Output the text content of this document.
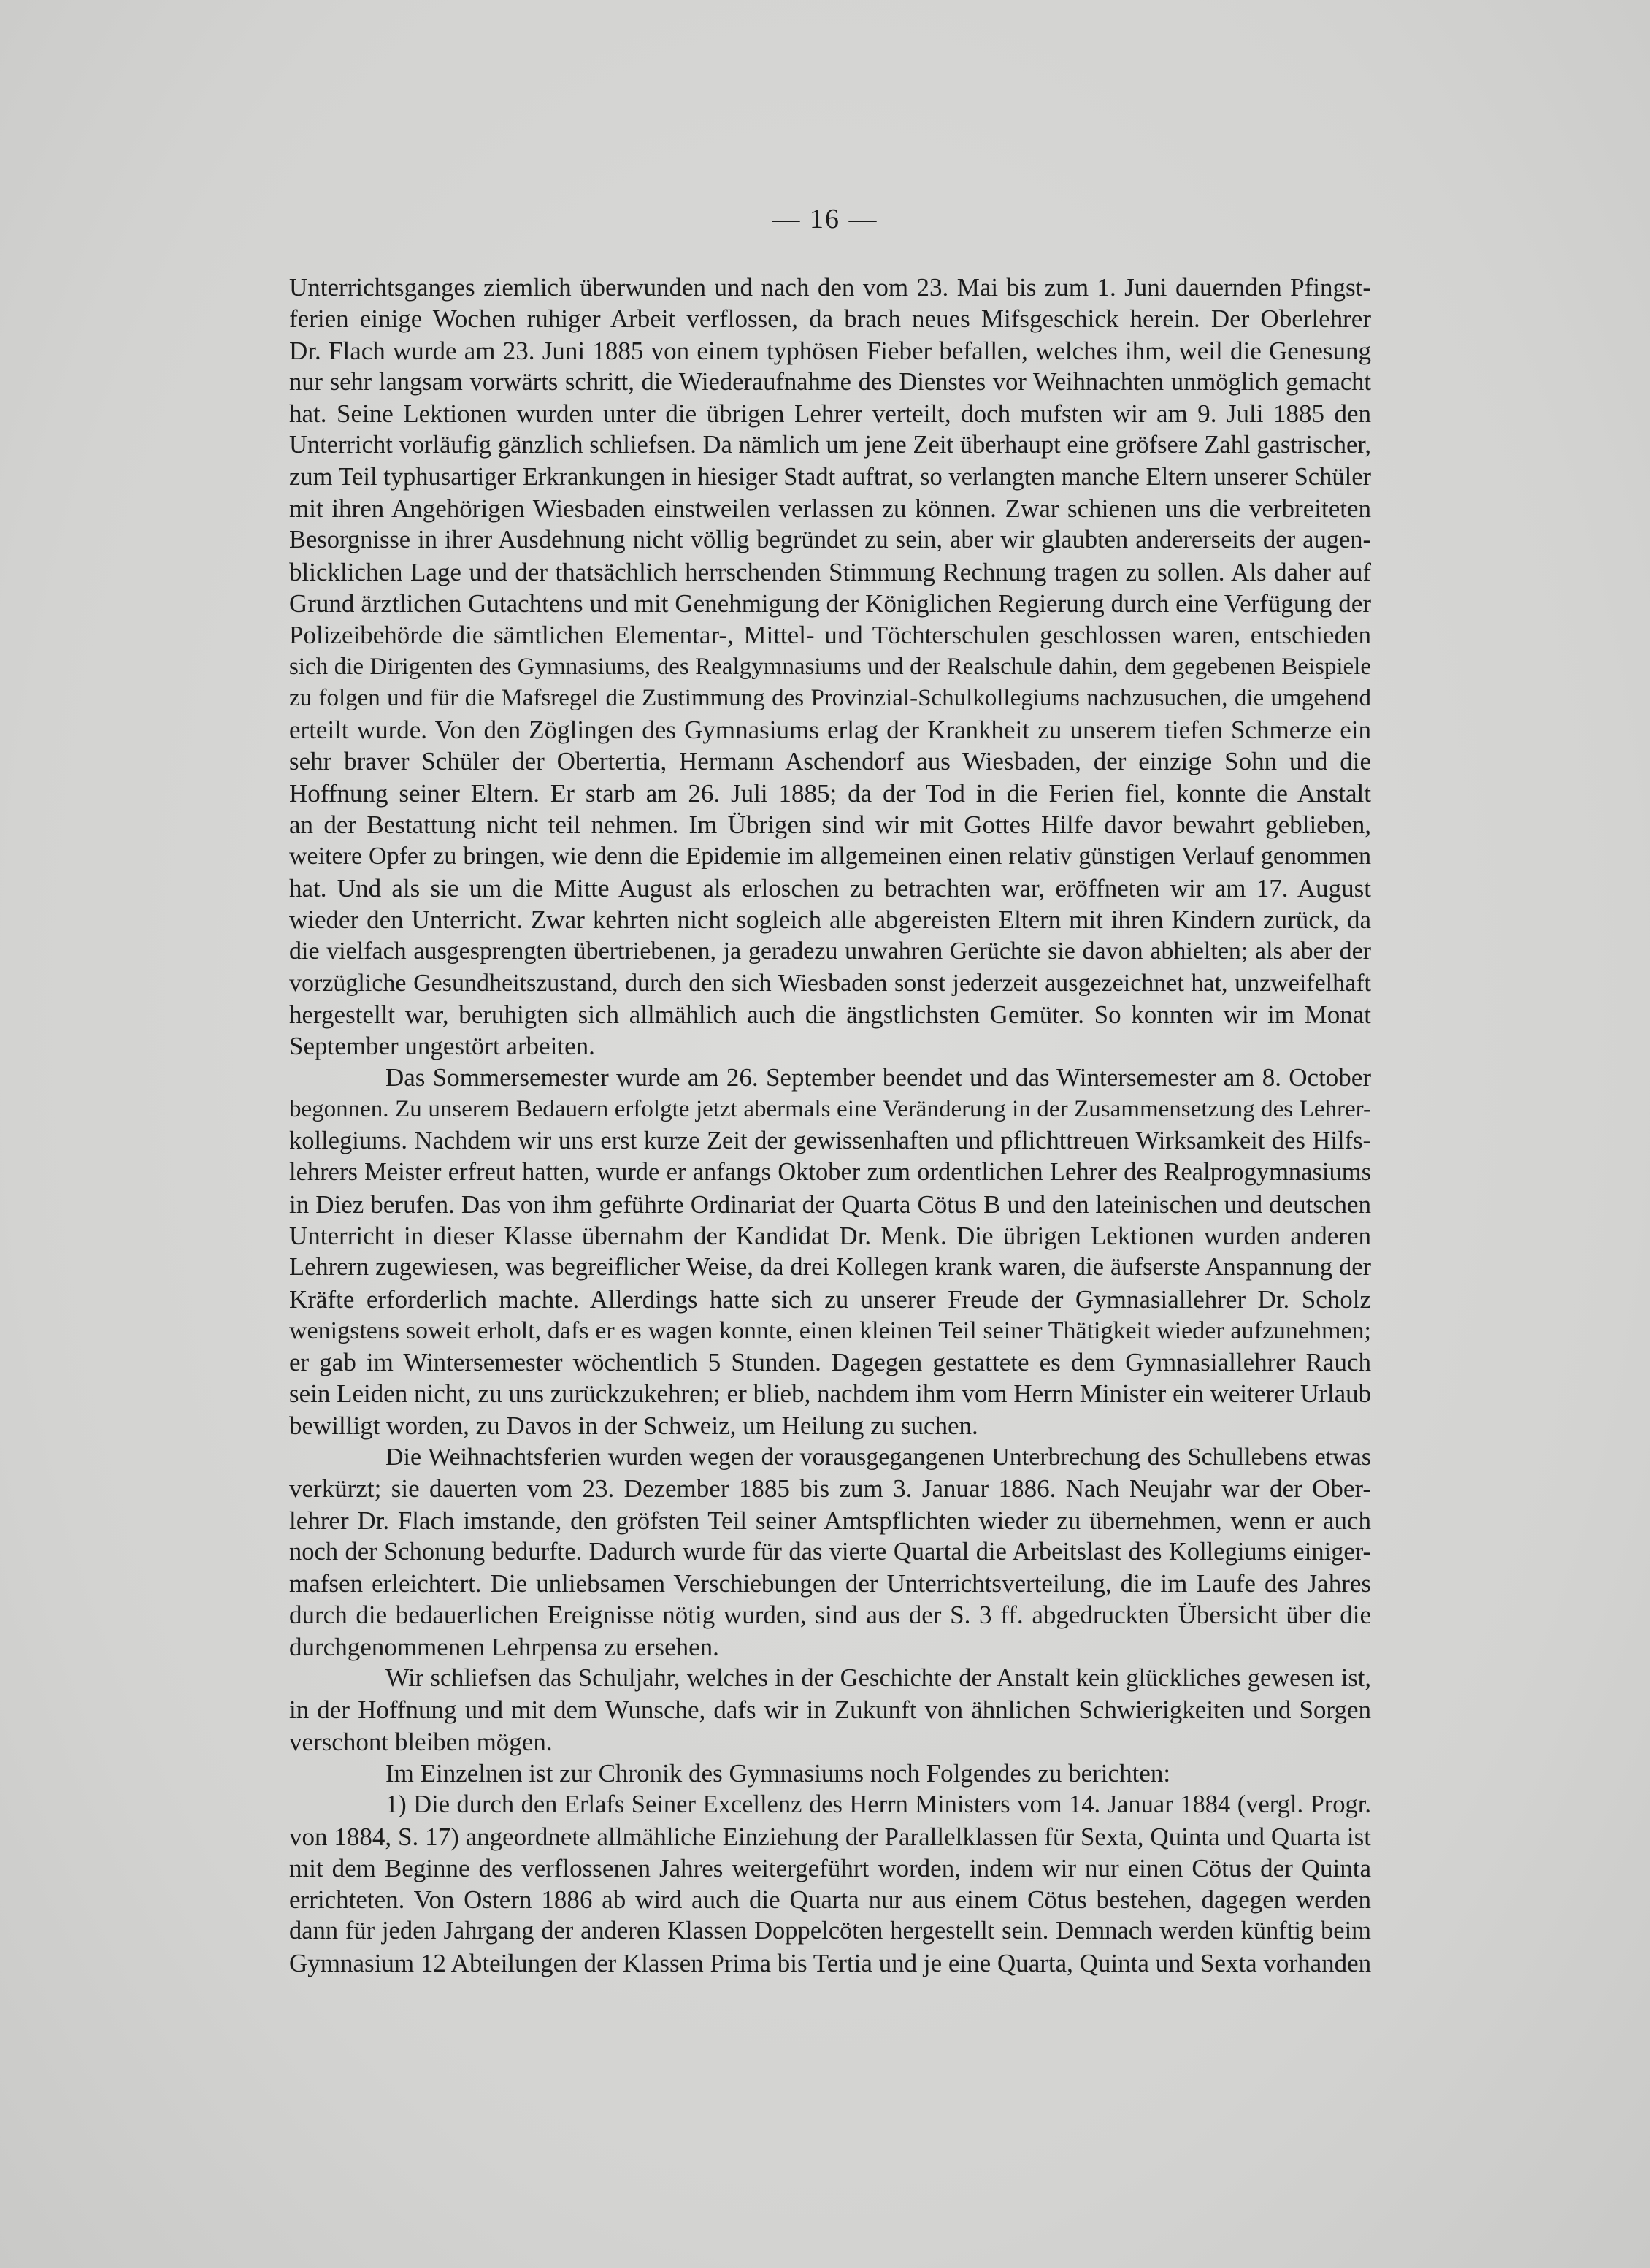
— 16 —
Unterrichtsganges ziemlich überwunden und nach den vom 23. Mai bis zum 1. Juni dauernden Pfingst-
ferien einige Wochen ruhiger Arbeit verflossen, da brach neues Mifsgeschick herein. Der Oberlehrer
Dr. Flach wurde am 23. Juni 1885 von einem typhösen Fieber befallen, welches ihm, weil die Genesung
nur sehr langsam vorwärts schritt, die Wiederaufnahme des Dienstes vor Weihnachten unmöglich gemacht
hat. Seine Lektionen wurden unter die übrigen Lehrer verteilt, doch mufsten wir am 9. Juli 1885 den
Unterricht vorläufig gänzlich schliefsen. Da nämlich um jene Zeit überhaupt eine gröfsere Zahl gastrischer,
zum Teil typhusartiger Erkrankungen in hiesiger Stadt auftrat, so verlangten manche Eltern unserer Schüler
mit ihren Angehörigen Wiesbaden einstweilen verlassen zu können. Zwar schienen uns die verbreiteten
Besorgnisse in ihrer Ausdehnung nicht völlig begründet zu sein, aber wir glaubten andererseits der augen-
blicklichen Lage und der thatsächlich herrschenden Stimmung Rechnung tragen zu sollen. Als daher auf
Grund ärztlichen Gutachtens und mit Genehmigung der Königlichen Regierung durch eine Verfügung der
Polizeibehörde die sämtlichen Elementar-, Mittel- und Töchterschulen geschlossen waren, entschieden
sich die Dirigenten des Gymnasiums, des Realgymnasiums und der Realschule dahin, dem gegebenen Beispiele
zu folgen und für die Mafsregel die Zustimmung des Provinzial-Schulkollegiums nachzusuchen, die umgehend
erteilt wurde. Von den Zöglingen des Gymnasiums erlag der Krankheit zu unserem tiefen Schmerze ein
sehr braver Schüler der Obertertia, Hermann Aschendorf aus Wiesbaden, der einzige Sohn und die
Hoffnung seiner Eltern. Er starb am 26. Juli 1885; da der Tod in die Ferien fiel, konnte die Anstalt
an der Bestattung nicht teil nehmen. Im Übrigen sind wir mit Gottes Hilfe davor bewahrt geblieben,
weitere Opfer zu bringen, wie denn die Epidemie im allgemeinen einen relativ günstigen Verlauf genommen
hat. Und als sie um die Mitte August als erloschen zu betrachten war, eröffneten wir am 17. August
wieder den Unterricht. Zwar kehrten nicht sogleich alle abgereisten Eltern mit ihren Kindern zurück, da
die vielfach ausgesprengten übertriebenen, ja geradezu unwahren Gerüchte sie davon abhielten; als aber der
vorzügliche Gesundheitszustand, durch den sich Wiesbaden sonst jederzeit ausgezeichnet hat, unzweifelhaft
hergestellt war, beruhigten sich allmählich auch die ängstlichsten Gemüter. So konnten wir im Monat
September ungestört arbeiten.
Das Sommersemester wurde am 26. September beendet und das Wintersemester am 8. October
begonnen. Zu unserem Bedauern erfolgte jetzt abermals eine Veränderung in der Zusammensetzung des Lehrer-
kollegiums. Nachdem wir uns erst kurze Zeit der gewissenhaften und pflichttreuen Wirksamkeit des Hilfs-
lehrers Meister erfreut hatten, wurde er anfangs Oktober zum ordentlichen Lehrer des Realprogymnasiums
in Diez berufen. Das von ihm geführte Ordinariat der Quarta Cötus B und den lateinischen und deutschen
Unterricht in dieser Klasse übernahm der Kandidat Dr. Menk. Die übrigen Lektionen wurden anderen
Lehrern zugewiesen, was begreiflicher Weise, da drei Kollegen krank waren, die äufserste Anspannung der
Kräfte erforderlich machte. Allerdings hatte sich zu unserer Freude der Gymnasiallehrer Dr. Scholz
wenigstens soweit erholt, dafs er es wagen konnte, einen kleinen Teil seiner Thätigkeit wieder aufzunehmen;
er gab im Wintersemester wöchentlich 5 Stunden. Dagegen gestattete es dem Gymnasiallehrer Rauch
sein Leiden nicht, zu uns zurückzukehren; er blieb, nachdem ihm vom Herrn Minister ein weiterer Urlaub
bewilligt worden, zu Davos in der Schweiz, um Heilung zu suchen.
Die Weihnachtsferien wurden wegen der vorausgegangenen Unterbrechung des Schullebens etwas
verkürzt; sie dauerten vom 23. Dezember 1885 bis zum 3. Januar 1886. Nach Neujahr war der Ober-
lehrer Dr. Flach imstande, den gröfsten Teil seiner Amtspflichten wieder zu übernehmen, wenn er auch
noch der Schonung bedurfte. Dadurch wurde für das vierte Quartal die Arbeitslast des Kollegiums einiger-
mafsen erleichtert. Die unliebsamen Verschiebungen der Unterrichtsverteilung, die im Laufe des Jahres
durch die bedauerlichen Ereignisse nötig wurden, sind aus der S. 3 ff. abgedruckten Übersicht über die
durchgenommenen Lehrpensa zu ersehen.
Wir schliefsen das Schuljahr, welches in der Geschichte der Anstalt kein glückliches gewesen ist,
in der Hoffnung und mit dem Wunsche, dafs wir in Zukunft von ähnlichen Schwierigkeiten und Sorgen
verschont bleiben mögen.
Im Einzelnen ist zur Chronik des Gymnasiums noch Folgendes zu berichten:
1) Die durch den Erlafs Seiner Excellenz des Herrn Ministers vom 14. Januar 1884 (vergl. Progr.
von 1884, S. 17) angeordnete allmähliche Einziehung der Parallelklassen für Sexta, Quinta und Quarta ist
mit dem Beginne des verflossenen Jahres weitergeführt worden, indem wir nur einen Cötus der Quinta
errichteten. Von Ostern 1886 ab wird auch die Quarta nur aus einem Cötus bestehen, dagegen werden
dann für jeden Jahrgang der anderen Klassen Doppelcöten hergestellt sein. Demnach werden künftig beim
Gymnasium 12 Abteilungen der Klassen Prima bis Tertia und je eine Quarta, Quinta und Sexta vorhanden
